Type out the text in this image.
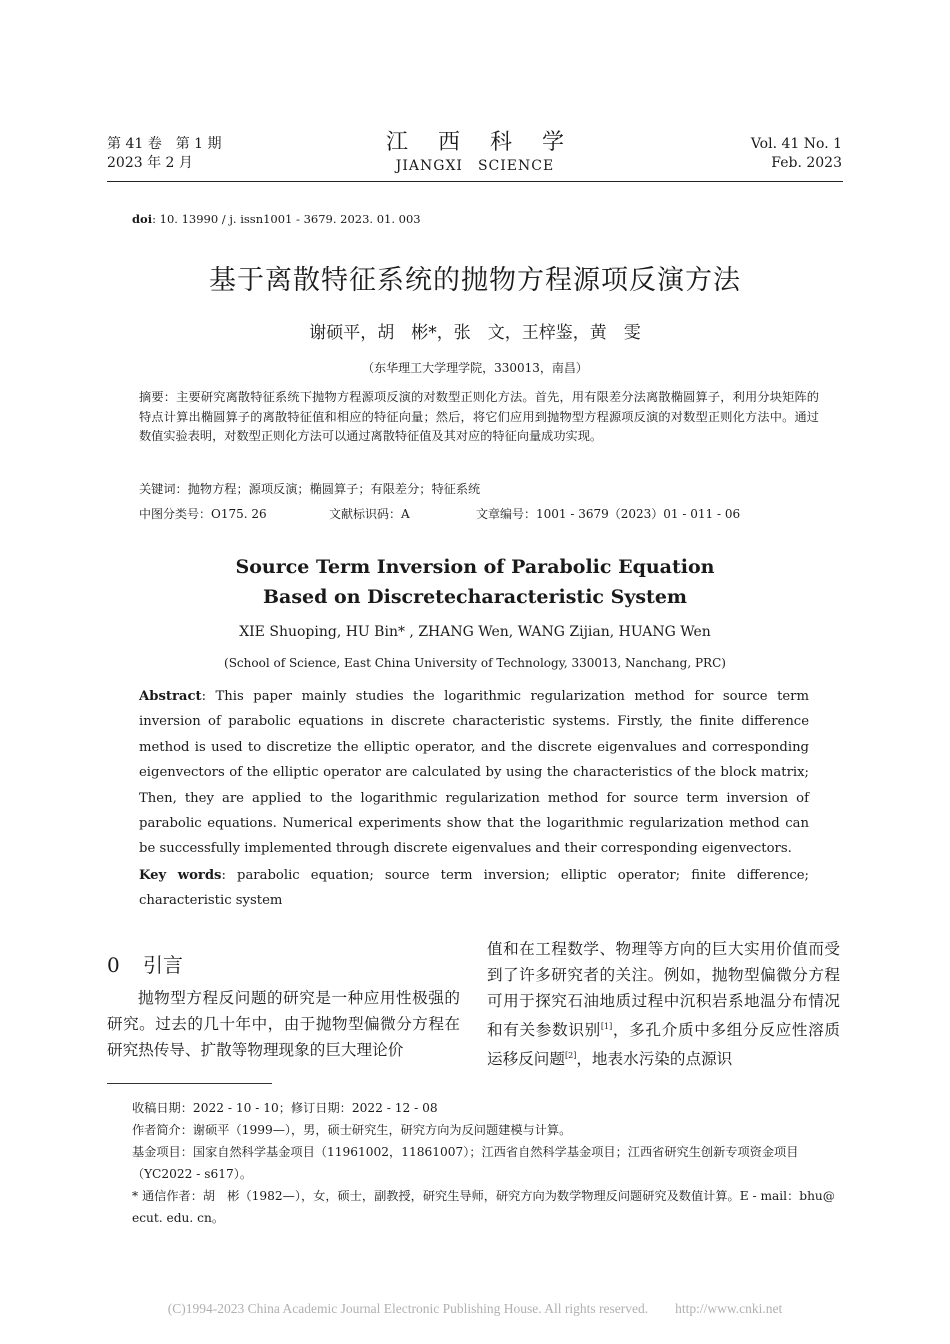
第 41 卷　第 1 期
2023 年 2 月
江西科学
JIANGXI　SCIENCE
Vol. 41 No. 1
Feb. 2023
doi: 10. 13990 / j. issn1001 - 3679. 2023. 01. 003
基于离散特征系统的抛物方程源项反演方法
谢硕平，胡　彬*，张　文，王梓鉴，黄　雯
（东华理工大学理学院，330013，南昌）
摘要：主要研究离散特征系统下抛物方程源项反演的对数型正则化方法。首先，用有限差分法离散椭圆算子，利用分块矩阵的特点计算出椭圆算子的离散特征值和相应的特征向量；然后，将它们应用到抛物型方程源项反演的对数型正则化方法中。通过数值实验表明，对数型正则化方法可以通过离散特征值及其对应的特征向量成功实现。
关键词：抛物方程；源项反演；椭圆算子；有限差分；特征系统
中图分类号：O175. 26	文献标识码：A	文章编号：1001 - 3679（2023）01 - 011 - 06
Source Term Inversion of Parabolic Equation
Based on Discretecharacteristic System
XIE Shuoping, HU Bin* , ZHANG Wen, WANG Zijian, HUANG Wen
(School of Science, East China University of Technology, 330013, Nanchang, PRC)
Abstract: This paper mainly studies the logarithmic regularization method for source term inversion of parabolic equations in discrete characteristic systems. Firstly, the finite difference method is used to discretize the elliptic operator, and the discrete eigenvalues and corresponding eigenvectors of the elliptic operator are calculated by using the characteristics of the block matrix; Then, they are applied to the logarithmic regularization method for source term inversion of parabolic equations. Numerical experiments show that the logarithmic regularization method can be successfully implemented through discrete eigenvalues and their corresponding eigenvectors.
Key words: parabolic equation; source term inversion; elliptic operator; finite difference; characteristic system
0 引言
抛物型方程反问题的研究是一种应用性极强的研究。过去的几十年中，由于抛物型偏微分方程在研究热传导、扩散等物理现象的巨大理论价
值和在工程数学、物理等方向的巨大实用价值而受到了许多研究者的关注。例如，抛物型偏微分方程可用于探究石油地质过程中沉积岩系地温分布情况和有关参数识别[1]，多孔介质中多组分反应性溶质运移反问题[2]，地表水污染的点源识
收稿日期：2022 - 10 - 10；修订日期：2022 - 12 - 08
作者简介：谢硕平（1999—），男，硕士研究生，研究方向为反问题建模与计算。
基金项目：国家自然科学基金项目（11961002，11861007）；江西省自然科学基金项目；江西省研究生创新专项资金项目（YC2022 - s617）。
* 通信作者：胡　彬（1982—），女，硕士，副教授，研究生导师，研究方向为数学物理反问题研究及数值计算。E - mail：bhu@ ecut. edu. cn。
(C)1994-2023 China Academic Journal Electronic Publishing House. All rights reserved.　　http://www.cnki.net
